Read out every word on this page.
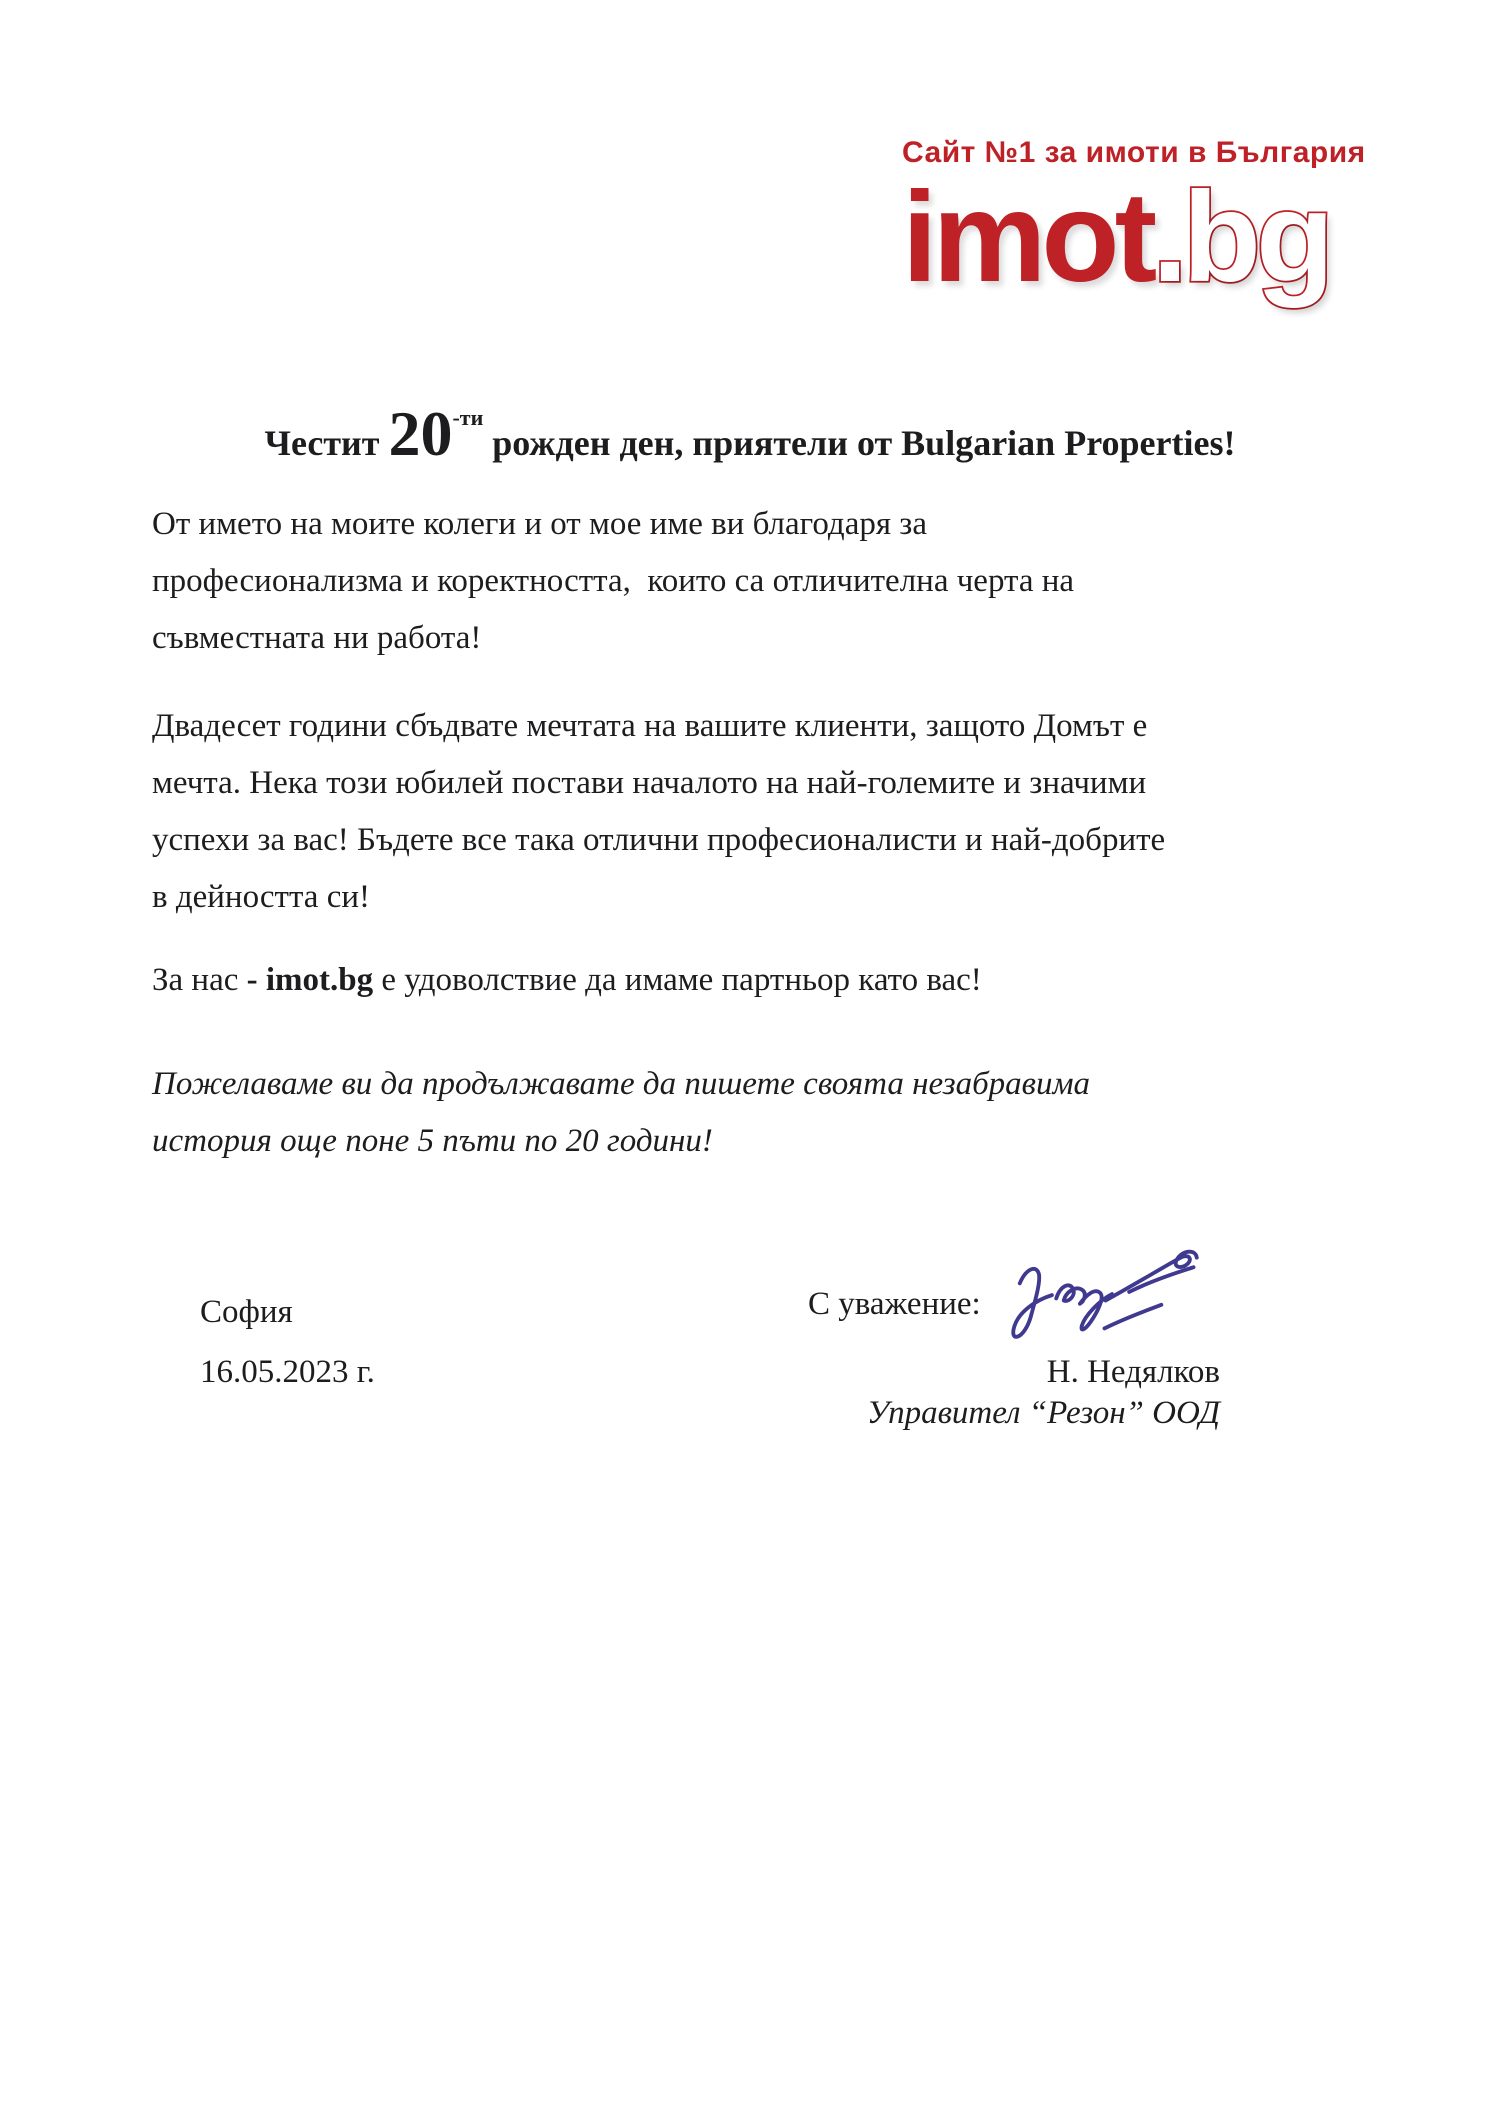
Сайт №1 за имоти в България
imot.bg
Честит $20^{-ти}$ рожден ден, приятели от Bulgarian Properties!
От името на моите колеги и от мое име ви благодаря за
професионализма и коректността,  които са отличителна черта на
съвместната ни работа!
Двадесет години сбъдвате мечтата на вашите клиенти, защото Домът е
мечта. Нека този юбилей постави началото на най-големите и значими
успехи за вас! Бъдете все така отлични професионалисти и най-добрите
в дейността си!
За нас - imot.bg е удоволствие да имаме партньор като вас!
Пожелаваме ви да продължавате да пишете своята незабравима
история още поне 5 пъти по 20 години!
София
16.05.2023 г.
С уважение:
Н. Недялков
Управител “Резон” ООД
